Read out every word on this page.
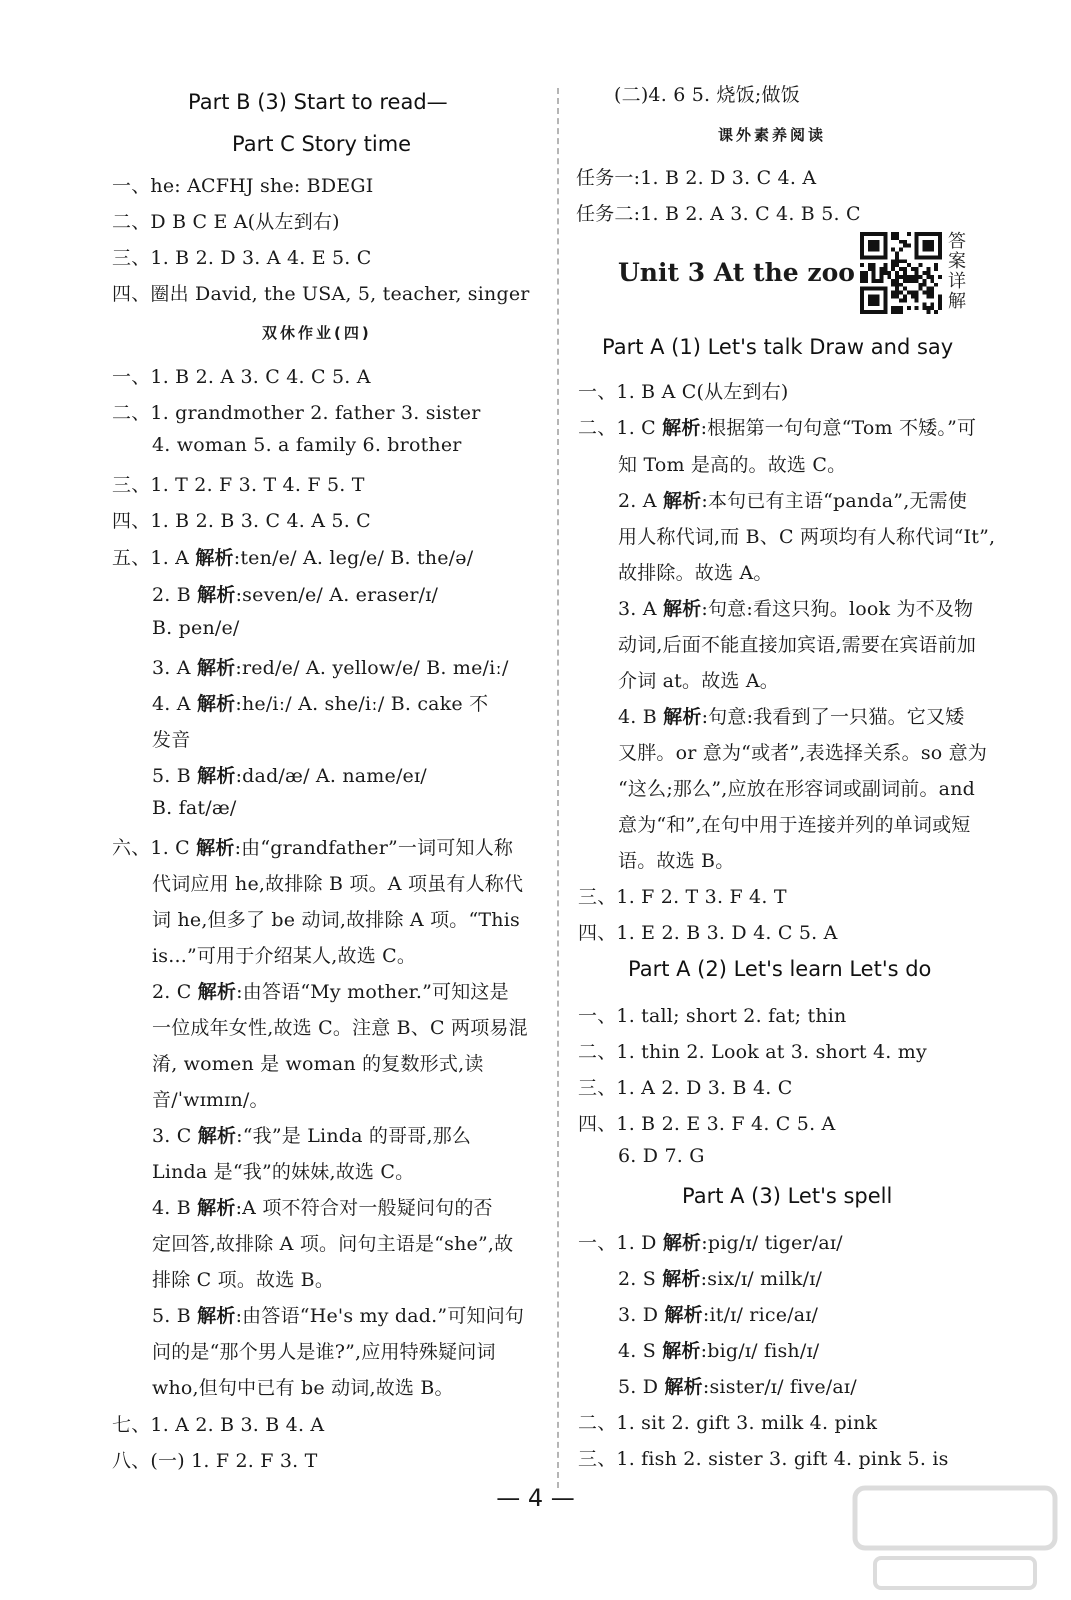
Part B (3) Start to read—
Part C Story time
一、he: ACFHJ she: BDEGI
二、D B C E A(从左到右)
三、1. B 2. D 3. A 4. E 5. C
四、圈出 David, the USA, 5, teacher, singer
双休作业(四)
一、1. B 2. A 3. C 4. C 5. A
二、1. grandmother 2. father 3. sister
4. woman 5. a family 6. brother
三、1. T 2. F 3. T 4. F 5. T
四、1. B 2. B 3. C 4. A 5. C
五、1. A 解析:ten/e/ A. leg/e/ B. the/ə/
2. B 解析:seven/e/ A. eraser/ɪ/
B. pen/e/
3. A 解析:red/e/ A. yellow/e/ B. me/iː/
4. A 解析:he/iː/ A. she/iː/ B. cake 不
发音
5. B 解析:dad/æ/ A. name/eɪ/
B. fat/æ/
六、1. C 解析:由“grandfather”一词可知人称
代词应用 he,故排除 B 项。A 项虽有人称代
词 he,但多了 be 动词,故排除 A 项。“This
is...”可用于介绍某人,故选 C。
2. C 解析:由答语“My mother.”可知这是
一位成年女性,故选 C。注意 B、C 两项易混
淆, women 是 woman 的复数形式,读
音/ˈwɪmɪn/。
3. C 解析:“我”是 Linda 的哥哥,那么
Linda 是“我”的妹妹,故选 C。
4. B 解析:A 项不符合对一般疑问句的否
定回答,故排除 A 项。问句主语是“she”,故
排除 C 项。故选 B。
5. B 解析:由答语“He's my dad.”可知问句
问的是“那个男人是谁?”,应用特殊疑问词
who,但句中已有 be 动词,故选 B。
七、1. A 2. B 3. B 4. A
八、(一) 1. F 2. F 3. T
(二)4. 6 5. 烧饭;做饭
课外素养阅读
任务一:1. B 2. D 3. C 4. A
任务二:1. B 2. A 3. C 4. B 5. C
Unit 3 At the zoo
Part A (1) Let's talk Draw and say
一、1. B A C(从左到右)
二、1. C 解析:根据第一句句意“Tom 不矮。”可
知 Tom 是高的。故选 C。
2. A 解析:本句已有主语“panda”,无需使
用人称代词,而 B、C 两项均有人称代词“It”,
故排除。故选 A。
3. A 解析:句意:看这只狗。look 为不及物
动词,后面不能直接加宾语,需要在宾语前加
介词 at。故选 A。
4. B 解析:句意:我看到了一只猫。它又矮
又胖。or 意为“或者”,表选择关系。so 意为
“这么;那么”,应放在形容词或副词前。and
意为“和”,在句中用于连接并列的单词或短
语。故选 B。
三、1. F 2. T 3. F 4. T
四、1. E 2. B 3. D 4. C 5. A
Part A (2) Let's learn Let's do
一、1. tall; short 2. fat; thin
二、1. thin 2. Look at 3. short 4. my
三、1. A 2. D 3. B 4. C
四、1. B 2. E 3. F 4. C 5. A
6. D 7. G
Part A (3) Let's spell
一、1. D 解析:pig/ɪ/ tiger/aɪ/
2. S 解析:six/ɪ/ milk/ɪ/
3. D 解析:it/ɪ/ rice/aɪ/
4. S 解析:big/ɪ/ fish/ɪ/
5. D 解析:sister/ɪ/ five/aɪ/
二、1. sit 2. gift 3. milk 4. pink
三、1. fish 2. sister 3. gift 4. pink 5. is
答案详解
— 4 —
